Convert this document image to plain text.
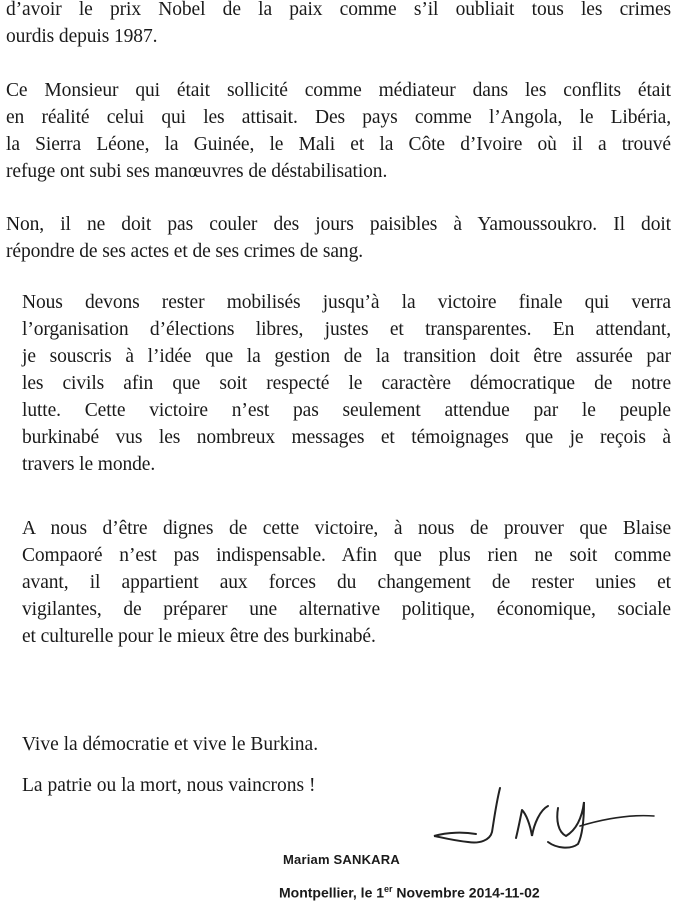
d’avoir le prix Nobel de la paix comme s’il oubliait tous les crimes
ourdis depuis 1987.

Ce Monsieur qui était sollicité comme médiateur dans les conflits était
en réalité celui qui les attisait. Des pays comme l’Angola, le Libéria,
la Sierra Léone, la Guinée, le Mali et la Côte d’Ivoire où il a trouvé
refuge ont subi ses manœuvres de déstabilisation.

Non, il ne doit pas couler des jours paisibles à Yamoussoukro. Il doit
répondre de ses actes et de ses crimes de sang.

Nous devons rester mobilisés jusqu’à la victoire finale qui verra
l’organisation d’élections libres, justes et transparentes. En attendant,
je souscris à l’idée que la gestion de la transition doit être assurée par
les civils afin que soit respecté le caractère démocratique de notre
lutte. Cette victoire n’est pas seulement attendue par le peuple
burkinabé vus les nombreux messages et témoignages que je reçois à
travers le monde.

A nous d’être dignes de cette victoire, à nous de prouver que Blaise
Compaoré n’est pas indispensable. Afin que plus rien ne soit comme
avant, il appartient aux forces du changement de rester unies et
vigilantes, de préparer une alternative politique, économique, sociale
et culturelle pour le mieux être des burkinabé.

Vive la démocratie et vive le Burkina.

La patrie ou la mort, nous vaincrons !

Mariam SANKARA
Montpellier, le 1er Novembre 2014-11-02
